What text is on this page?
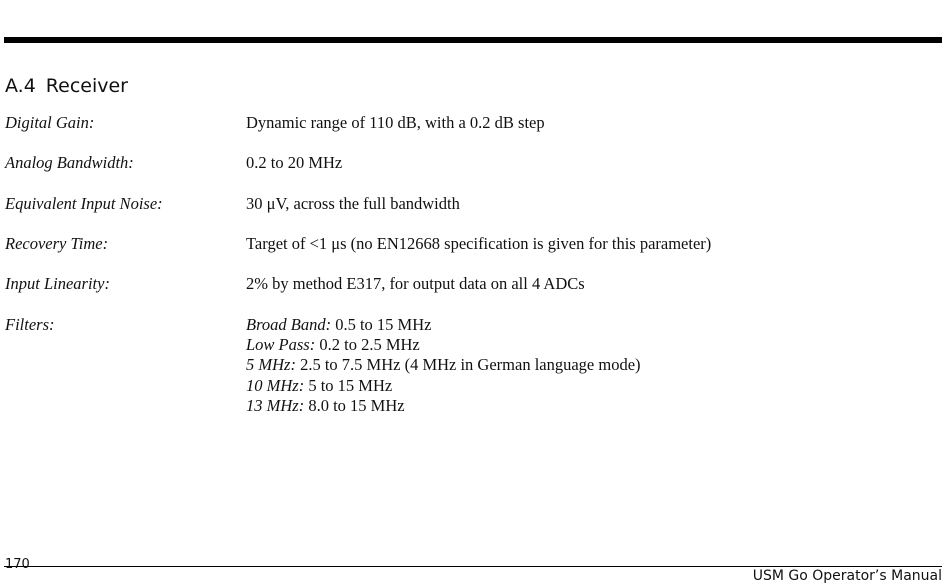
A.4 Receiver
Digital Gain:	Dynamic range of 110 dB, with a 0.2 dB step
Analog Bandwidth:	0.2 to 20 MHz
Equivalent Input Noise:	30 μV, across the full bandwidth
Recovery Time:	Target of <1 μs (no EN12668 specification is given for this parameter)
Input Linearity:	2% by method E317, for output data on all 4 ADCs
Filters:	Broad Band: 0.5 to 15 MHz
Low Pass: 0.2 to 2.5 MHz
5 MHz: 2.5 to 7.5 MHz (4 MHz in German language mode)
10 MHz: 5 to 15 MHz
13 MHz: 8.0 to 15 MHz
170
USM Go Operator’s Manual
